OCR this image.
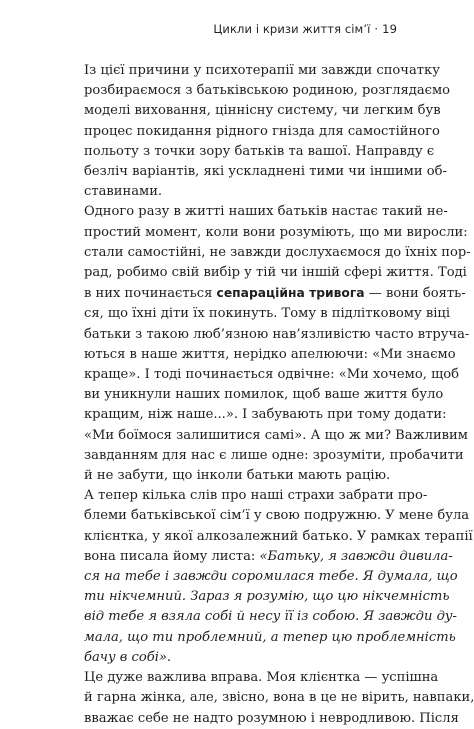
Цикли і кризи життя сім’ї · 19

Із цієї причини у психотерапії ми завжди спочатку
розбираємося з батьківською родиною, розглядаємо
моделі виховання, ціннісну систему, чи легким був
процес покидання рідного гнізда для самостійного
польоту з точки зору батьків та вашої. Направду є
безліч варіантів, які ускладнені тими чи іншими об-
ставинами.

Одного разу в житті наших батьків настає такий не-
простий момент, коли вони розуміють, що ми виросли:
стали самостійні, не завжди дослухаємося до їхніх пор-
рад, робимо свій вибір у тій чи іншій сфері життя. Тоді
в них починається сепараційна тривога — вони боять-
ся, що їхні діти їх покинуть. Тому в підлітковому віці
батьки з такою люб’язною нав’язливістю часто втруча-
ються в наше життя, нерідко апелюючи: «Ми знаємо
краще». І тоді починається одвічне: «Ми хочемо, щоб
ви уникнули наших помилок, щоб ваше життя було
кращим, ніж наше...». І забувають при тому додати:
«Ми боїмося залишитися самі». А що ж ми? Важливим
завданням для нас є лише одне: зрозуміти, пробачити
й не забути, що інколи батьки мають рацію.

А тепер кілька слів про наші страхи забрати про-
блеми батьківської сім’ї у свою подружню. У мене була
клієнтка, у якої алкозалежний батько. У рамках терапії
вона писала йому листа: «Батьку, я завжди дивила-
ся на тебе і завжди соромилася тебе. Я думала, що
ти нікчемний. Зараз я розумію, що цю нікчемність
від тебе я взяла собі й несу її із собою. Я завжди ду-
мала, що ти проблемний, а тепер цю проблемність
бачу в собі».

Це дуже важлива вправа. Моя клієнтка — успішна
й гарна жінка, але, звісно, вона в це не вірить, навпаки,
вважає себе не надто розумною і невродливою. Після
